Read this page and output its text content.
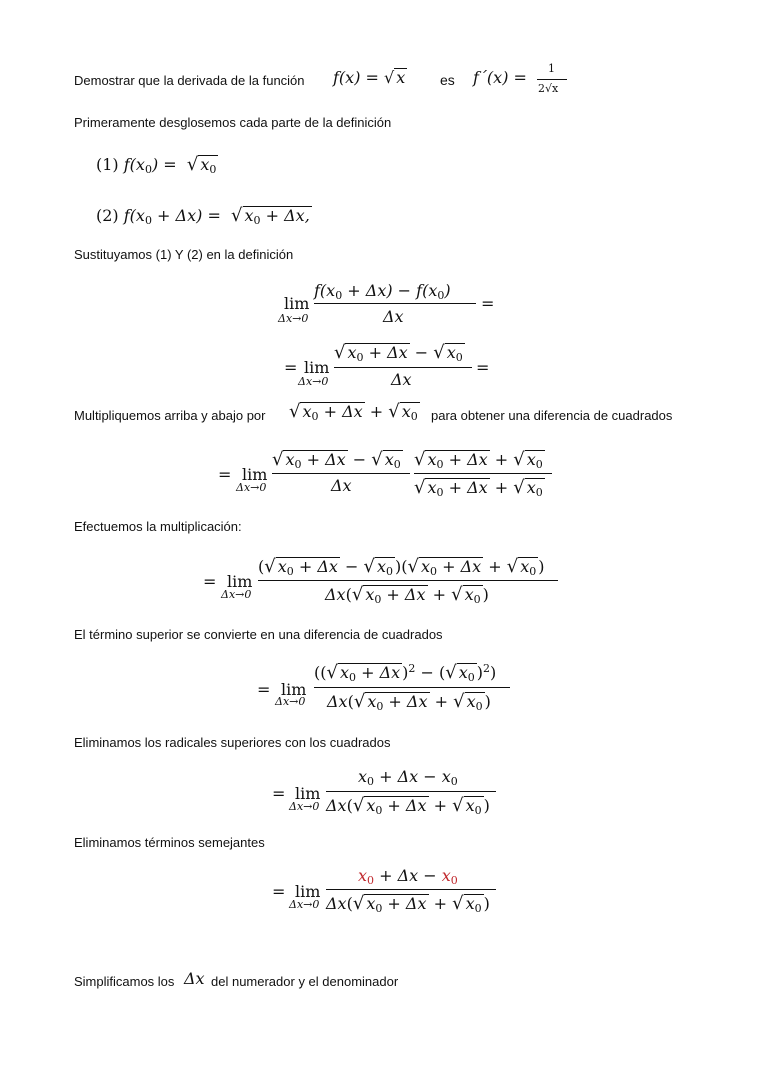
Demostrar que la derivada de la función f(x) = √ x es f´(x) = 1
2√x
Primeramente desglosemos cada parte de la definición
(1) $f(x_0)$ =  √ $x_0$
(2) $f(x_0 + \Delta x)$ =  √ $x_0 + \Delta x$,
Sustituyamos (1) Y (2) en la definición
lim
Δx→0
$f(x_0 + \Delta x) - f(x_0)$
Δx
=
= lim
Δx→0
√ $x_0 + \Delta x$ − √ $x_0$
Δx
=
Multipliquemos arriba y abajo por √ $x_0 + \Delta x$ + √ $x_0$ para obtener una diferencia de cuadrados
= lim
Δx→0
√ $x_0 + \Delta x$ − √ $x_0$
Δx
√ $x_0 + \Delta x$ + √ $x_0$
√ $x_0 + \Delta x$ + √ $x_0$
Efectuemos la multiplicación:
= lim
Δx→0
(√ $x_0 + \Delta x$ − √ $x_0$ )(√ $x_0 + \Delta x$ + √ $x_0$ )
Δx(√ $x_0 + \Delta x$ + √ $x_0$ )
El término superior se convierte en una diferencia de cuadrados
= lim
Δx→0
((√ $x_0 + \Delta x$ )$^2$ − (√ $x_0$ )$^2$)
Δx(√ $x_0 + \Delta x$ + √ $x_0$ )
Eliminamos los radicales superiores con los cuadrados
= lim
Δx→0
$x_0 + \Delta x - x_0$
Δx(√ $x_0 + \Delta x$ + √ $x_0$ )
Eliminamos términos semejantes
= lim
Δx→0
$x_0 + \Delta x - x_0$
Δx(√ $x_0 + \Delta x$ + √ $x_0$ )
Simplificamos los Δx del numerador y el denominador
